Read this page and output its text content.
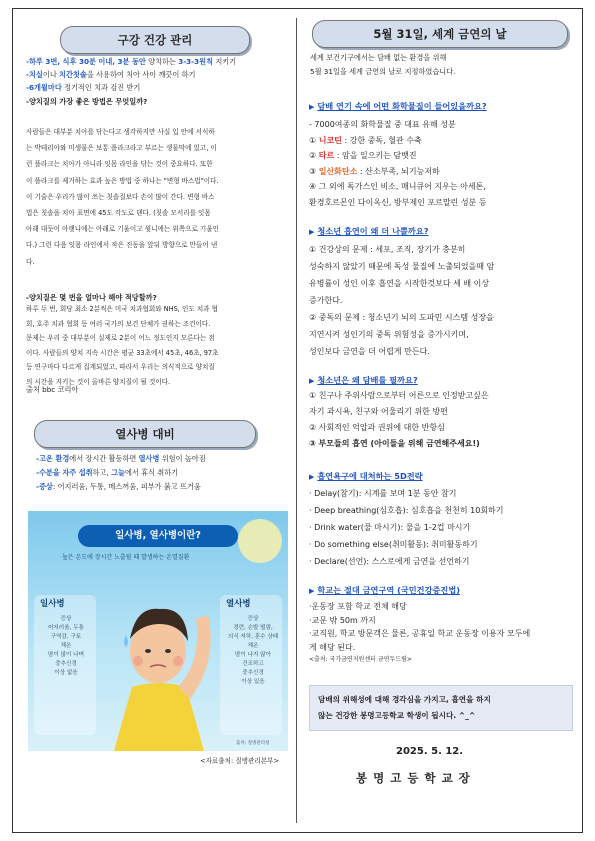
구강 건강 관리
-하루 3번, 식후 30분 이내, 3분 동안 양치하는 3-3-3원칙 지키기
-치실이나 치간칫솔을 사용하여 치아 사이 깨끗이 하기
-6개월마다 정기적인 치과 검진 받기
-양치질의 가장 좋은 방법은 무엇일까?
-양치질은 몇 번을 얼마나 해야 적당할까?
출처 bbc 코리아
열사병 대비
-고온 환경에서 장시간 활동하면 열사병 위험이 높아짐
-수분을 자주 섭취하고, 그늘에서 휴식 취하기
-증상: 어지러움, 두통, 메스꺼움, 피부가 붉고 뜨거움
일사병, 열사병이란?
높은 온도에 장시간 노출될 때 발생하는 온열질환
일사병	열사병
증상
어지러움, 두통
구역감, 구토
체온
땀이 많이 나며
중추신경
이상 없음
증상
경련, 손발 떨림,
의식 저하, 혼수 상태
체온
땀이 나지 않아
건조하고
중추신경
이상 있음
출처: 질병관리청
<자료출처: 질병관리본부>
5월 31일, 세계 금연의 날
세계 보건기구에서는 담배 없는 환경을 위해
5월 31일을 세계 금연의 날로 지정하였습니다.
▶ 담배 연기 속에 어떤 화학물질이 들어있을까요?
▶ 청소년 흡연이 왜 더 나쁠까요?
▶ 청소년은 왜 담배를 필까요?
③ 부모들의 흡연 (아이들을 위해 금연해주세요!)
▶ 흡연욕구에 대처하는 5D전략
▶ 학교는 절대 금연구역 (국민건강증진법)
<출처: 국가금연지원센터 금연두드림>
담배의 위해성에 대해 경각심을 가지고, 흡연을 하지
않는 건강한 봉명고등학교 학생이 됩시다. ^_^
2025. 5. 12.
봉 명 고 등 학 교 장
사람들은 대부분 치아를 닦는다고 생각하지만 사실 입 안에 서식하
는 박테리아와 미생물은 보통 플라크라고 부르는 생물막에 있고, 이
런 플라크는 치아가 아니라 잇몸 라인을 닦는 것이 중요하다. 또한
이 플라크를 제거하는 효과 높은 방법 중 하나는 "변형 바스법"이다.
이 기술은 우리가 많이 쓰는 칫솔질보다 손이 많이 간다. 변형 바스
법은 칫솔을 치아 표면에 45도 각도로 댄다. (칫솔 모서리를 잇몸
아래 대듯이 아랫니에는 아래로 기울이고 윗니에는 위쪽으로 기울인
다.) 그런 다음 잇몸 라인에서 작은 진동을 앞뒤 방향으로 만들어 낸
다.
하루 두 번, 회당 최소 2분씩은 미국 치과협회와 NHS, 인도 치과 협
회, 호주 치과 협회 등 여러 국가의 보건 단체가 권하는 조건이다.
문제는 우리 중 대부분이 실제로 2분이 어느 정도인지 모른다는 점
이다. 사람들의 양치 지속 시간은 평균 33초에서 45초, 46초, 97초
등 연구마다 다르게 집계되었고, 따라서 우리는 의식적으로 양치질
의 시간을 지키는 것이 올바른 양치질이 될 것이다.
- 7000여종의 화학물질 중 대표 유해 성분
① 니코틴 : 강한 중독, 혈관 수축
② 타르 : 암을 일으키는 담뱃진
③ 일산화탄소 : 산소부족, 뇌기능저하
④ 그 외에 독가스인 비소, 매니큐어 지우는 아세톤,
환경호르몬인 다이옥신, 방부제인 포르말린 성분 등
① 건강상의 문제 : 세포, 조직, 장기가 충분히
성숙하지 않았기 때문에 독성 물질에 노출되었을때 암
유병률이 성인 이후 흡연을 시작한것보다 세 배 이상
증가한다.
② 중독의 문제 : 청소년기 뇌의 도파민 시스템 성장을
지연시켜 성인기의 중독 위험성을 증가시키며,
성인보다 금연을 더 어렵게 만든다.
① 친구나 주위사람으로부터 어른으로 인정받고싶은
자기 과시욕, 친구와 어울리기 위한 방편
② 사회적인 억압과 권위에 대한 반항심
· Delay(참기): 시계를 보며 1분 동안 참기
· Deep breathing(심호흡): 심호흡을 천천히 10회하기
· Drink water(물 마시기): 물을 1-2컵 마시기
· Do something else(취미활동): 취미활동하기
· Declare(선언): 스스로에게 금연을 선언하기
·운동장 포함 학교 전체 해당
·교문 밖 50m 까지
·교직원, 학교 방문객은 물론, 공휴일 학교 운동장 이용자 모두에
게 해당 된다.
